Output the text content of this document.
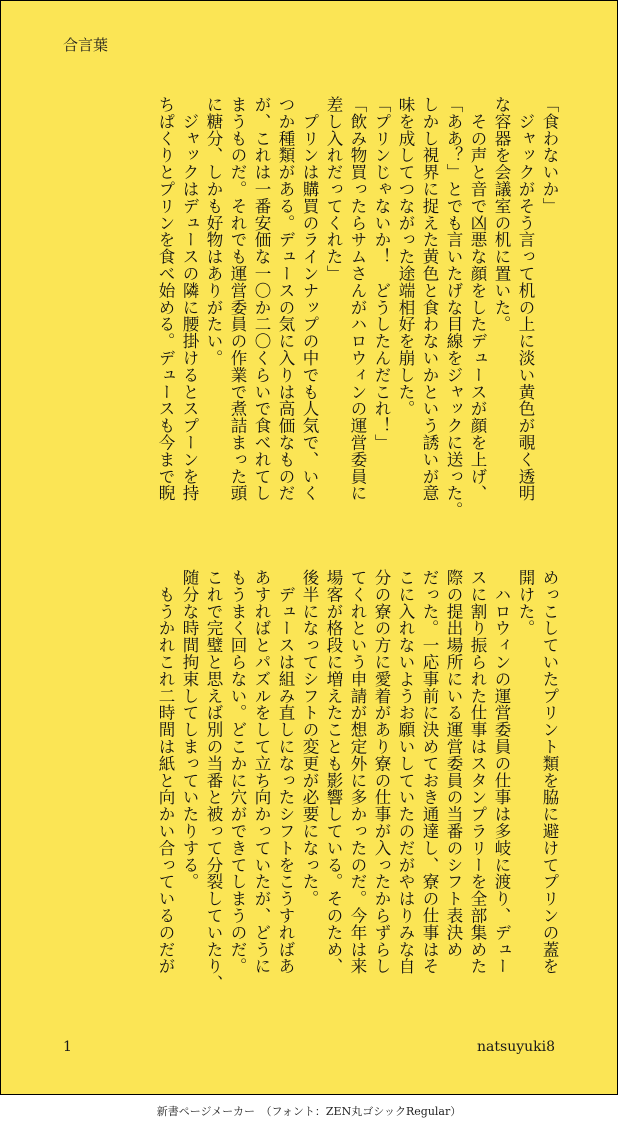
合言葉

「食わないか」

　ジャックがそう言って机の上に淡い黄色が覗く透明

な容器を会議室の机に置いた。

　その声と音で凶悪な顔をしたデュースが顔を上げ、

「ああ？」とでも言いたげな目線をジャックに送った。

しかし視界に捉えた黄色と食わないかという誘いが意

味を成してつながった途端相好を崩した。

「プリンじゃないか！　どうしたんだこれ！」

「飲み物買ったらサムさんがハロウィンの運営委員に

差し入れだってくれた」

　プリンは購買のラインナップの中でも人気で、いく

つか種類がある。デュースの気に入りは高価なものだ

が、これは一番安価な一〇か二〇くらいで食べれてし

まうものだ。それでも運営委員の作業で煮詰まった頭

に糖分、しかも好物はありがたい。

　ジャックはデュースの隣に腰掛けるとスプーンを持

ちぱくりとプリンを食べ始める。デュースも今まで睨

めっこしていたプリント類を脇に避けてプリンの蓋を

開けた。

　ハロウィンの運営委員の仕事は多岐に渡り、デュー

スに割り振られた仕事はスタンプラリーを全部集めた

際の提出場所にいる運営委員の当番のシフト表決め

だった。一応事前に決めておき通達し、寮の仕事はそ

こに入れないようお願いしていたのだがやはりみな自

分の寮の方に愛着があり寮の仕事が入ったからずらし

てくれという申請が想定外に多かったのだ。今年は来

場客が格段に増えたことも影響している。そのため、

後半になってシフトの変更が必要になった。

　デュースは組み直しになったシフトをこうすればあ

あすればとパズルをして立ち向かっていたが、どうに

もうまく回らない。どこかに穴ができてしまうのだ。

これで完璧と思えば別の当番と被って分裂していたり、

随分な時間拘束してしまっていたりする。

　もうかれこれ二時間は紙と向かい合っているのだが

1	natsuyuki8
新書ページメーカー　（フォント：ZEN丸ゴシックRegular）
